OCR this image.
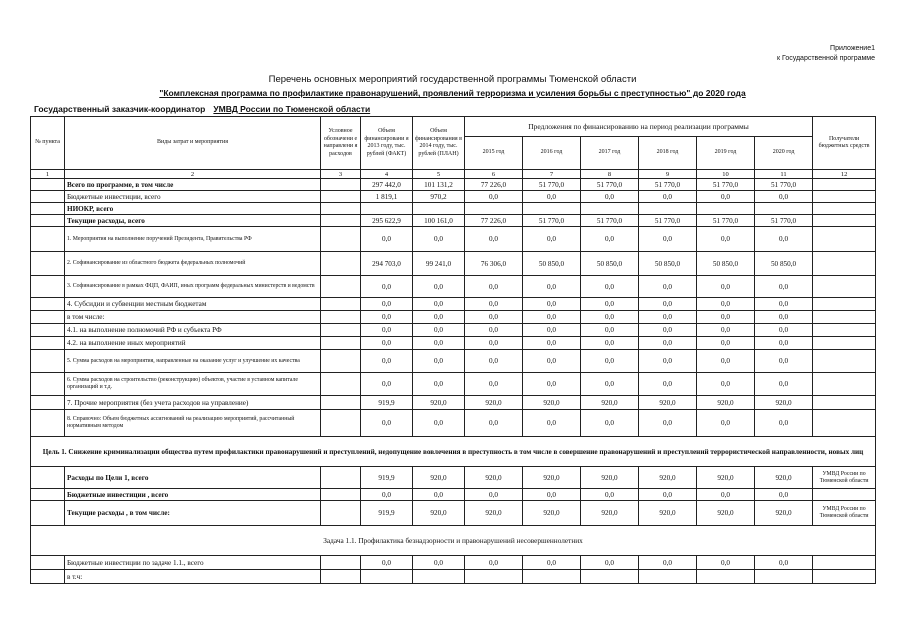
Приложение1
к Государственной программе
Перечень основных мероприятий государственной программы Тюменской области
"Комплексная программа по профилактике правонарушений, проявлений терроризма и усиления борьбы с преступностью" до 2020 года
Государственный заказчик-координатор УМВД России по Тюменской области
№ пункта	Виды затрат и мероприятия	Условное обозначени е направлени я расходов	Объем финансировани я 2013 году, тыс. рублей (ФАКТ)	Объем финансирования в 2014 году, тыс. рублей (ПЛАН)	Предложения по финансированию на период реализации программы						Получатели бюджетных средств
					2015 год	2016 год	2017 год	2018 год	2019 год	2020 год	
1	2	3	4	5	6	7	8	9	10	11	12
	Всего по программе, в том числе		297 442,0	101 131,2	77 226,0	51 770,0	51 770,0	51 770,0	51 770,0	51 770,0	
	Бюджетные инвестиции, всего		1 819,1	970,2	0,0	0,0	0,0	0,0	0,0	0,0	
	НИОКР, всего										
	Текущие расходы, всего		295 622,9	100 161,0	77 226,0	51 770,0	51 770,0	51 770,0	51 770,0	51 770,0	
	1. Мероприятия на выполнение поручений Президента, Правительства РФ		0,0	0,0	0,0	0,0	0,0	0,0	0,0	0,0	
	2. Софинансирование из областного бюджета федеральных полномочий		294 703,0	99 241,0	76 306,0	50 850,0	50 850,0	50 850,0	50 850,0	50 850,0	
	3. Софинансирование в рамках ФЦП, ФАИП, иных программ федеральных министерств и ведомств		0,0	0,0	0,0	0,0	0,0	0,0	0,0	0,0	
	4. Субсидии и субвенции местным бюджетам		0,0	0,0	0,0	0,0	0,0	0,0	0,0	0,0	
	в том числе:		0,0	0,0	0,0	0,0	0,0	0,0	0,0	0,0	
	4.1. на выполнение полномочий РФ и субъекта РФ		0,0	0,0	0,0	0,0	0,0	0,0	0,0	0,0	
	4.2. на выполнение иных мероприятий		0,0	0,0	0,0	0,0	0,0	0,0	0,0	0,0	
	5. Сумма расходов на мероприятия, направленные на оказание услуг и улучшение их качества		0,0	0,0	0,0	0,0	0,0	0,0	0,0	0,0	
	6. Сумма расходов на строительство (реконструкцию) объектов, участие в уставном капитале организаций и т.д.		0,0	0,0	0,0	0,0	0,0	0,0	0,0	0,0	
	7. Прочие мероприятия (без учета расходов на управление)		919,9	920,0	920,0	920,0	920,0	920,0	920,0	920,0	
	8. Справочно: Объем бюджетных ассигнований на реализацию мероприятий, рассчитанный нормативным методом		0,0	0,0	0,0	0,0	0,0	0,0	0,0	0,0	
Цель 1. Снижение криминализации общества путем профилактики правонарушений и преступлений, недопущение вовлечения в преступность в том числе в совершение правонарушений и преступлений террористической направленности, новых лиц											
	Расходы по Цели 1, всего		919,9	920,0	920,0	920,0	920,0	920,0	920,0	920,0	УМВД России по Тюменской области
	Бюджетные инвестиции , всего		0,0	0,0	0,0	0,0	0,0	0,0	0,0	0,0	
	Текущие расходы , в том числе:		919,9	920,0	920,0	920,0	920,0	920,0	920,0	920,0	УМВД России по Тюменской области
Задача 1.1. Профилактика безнадзорности и правонарушений несовершеннолетних											
	Бюджетные инвестиции по задаче 1.1., всего		0,0	0,0	0,0	0,0	0,0	0,0	0,0	0,0	
	в т.ч:										
